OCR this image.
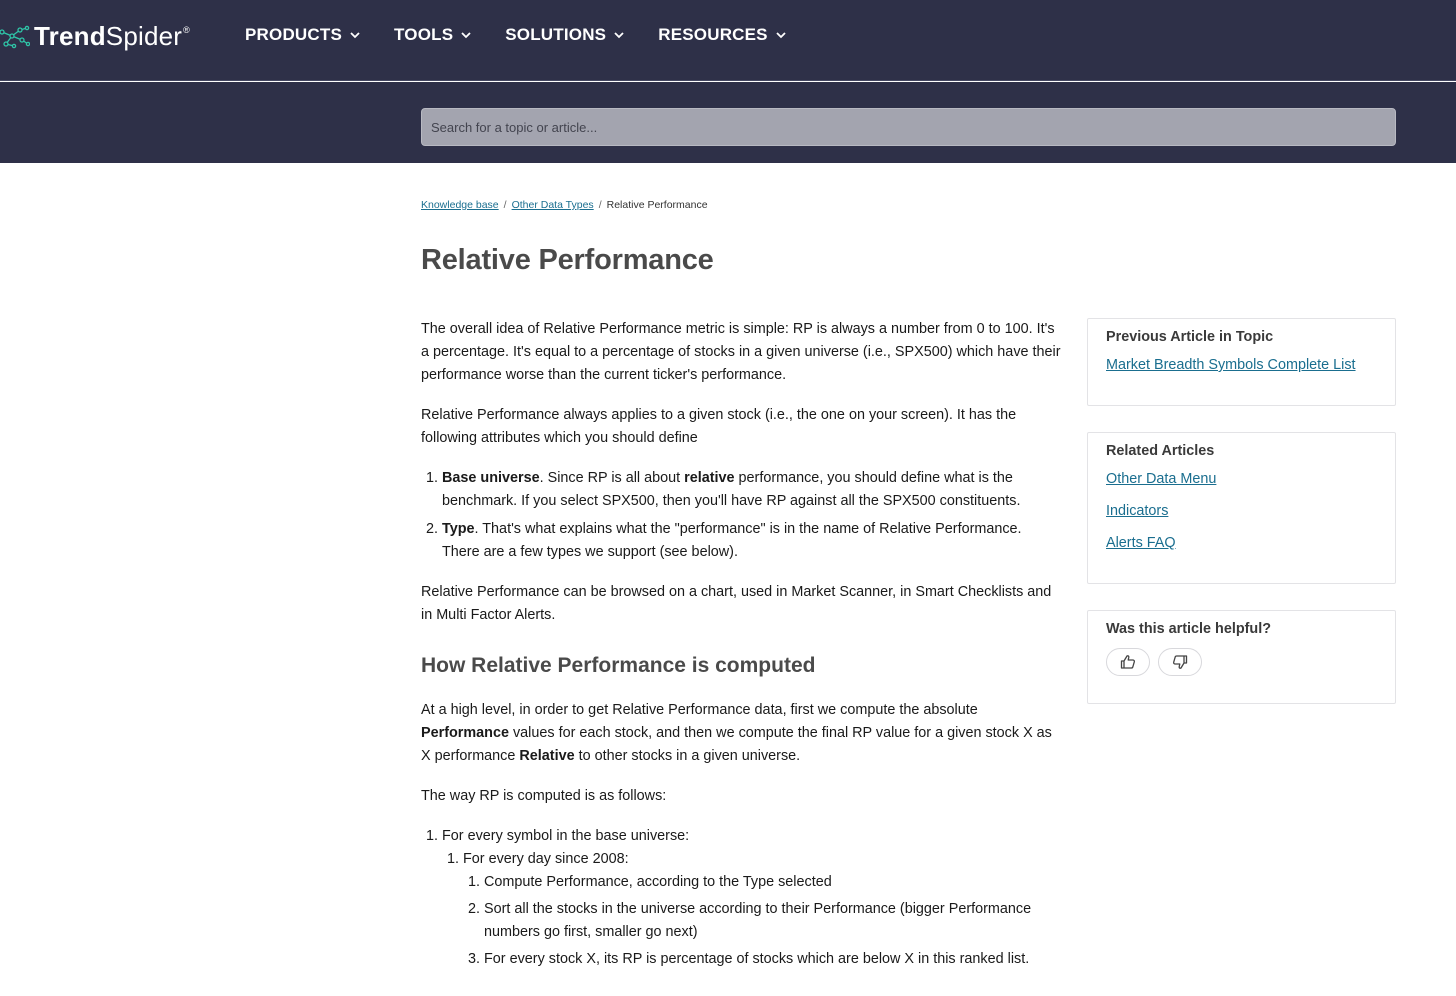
TrendSpider®	PRODUCTS	TOOLS	SOLUTIONS	RESOURCES
Search for a topic or article...
Knowledge base / Other Data Types / Relative Performance
Relative Performance

The overall idea of Relative Performance metric is simple: RP is always a number from 0 to 100. It's a percentage. It's equal to a percentage of stocks in a given universe (i.e., SPX500) which have their performance worse than the current ticker's performance.

Relative Performance always applies to a given stock (i.e., the one on your screen). It has the following attributes which you should define

1. Base universe. Since RP is all about relative performance, you should define what is the benchmark. If you select SPX500, then you'll have RP against all the SPX500 constituents.
2. Type. That's what explains what the "performance" is in the name of Relative Performance. There are a few types we support (see below).

Relative Performance can be browsed on a chart, used in Market Scanner, in Smart Checklists and in Multi Factor Alerts.

How Relative Performance is computed

At a high level, in order to get Relative Performance data, first we compute the absolute Performance values for each stock, and then we compute the final RP value for a given stock X as X performance Relative to other stocks in a given universe.

The way RP is computed is as follows:

1. For every symbol in the base universe:
1. For every day since 2008:
1. Compute Performance, according to the Type selected
2. Sort all the stocks in the universe according to their Performance (bigger Performance numbers go first, smaller go next)
3. For every stock X, its RP is percentage of stocks which are below X in this ranked list.
Previous Article in Topic
Market Breadth Symbols Complete List
Related Articles
Other Data Menu
Indicators
Alerts FAQ
Was this article helpful?
